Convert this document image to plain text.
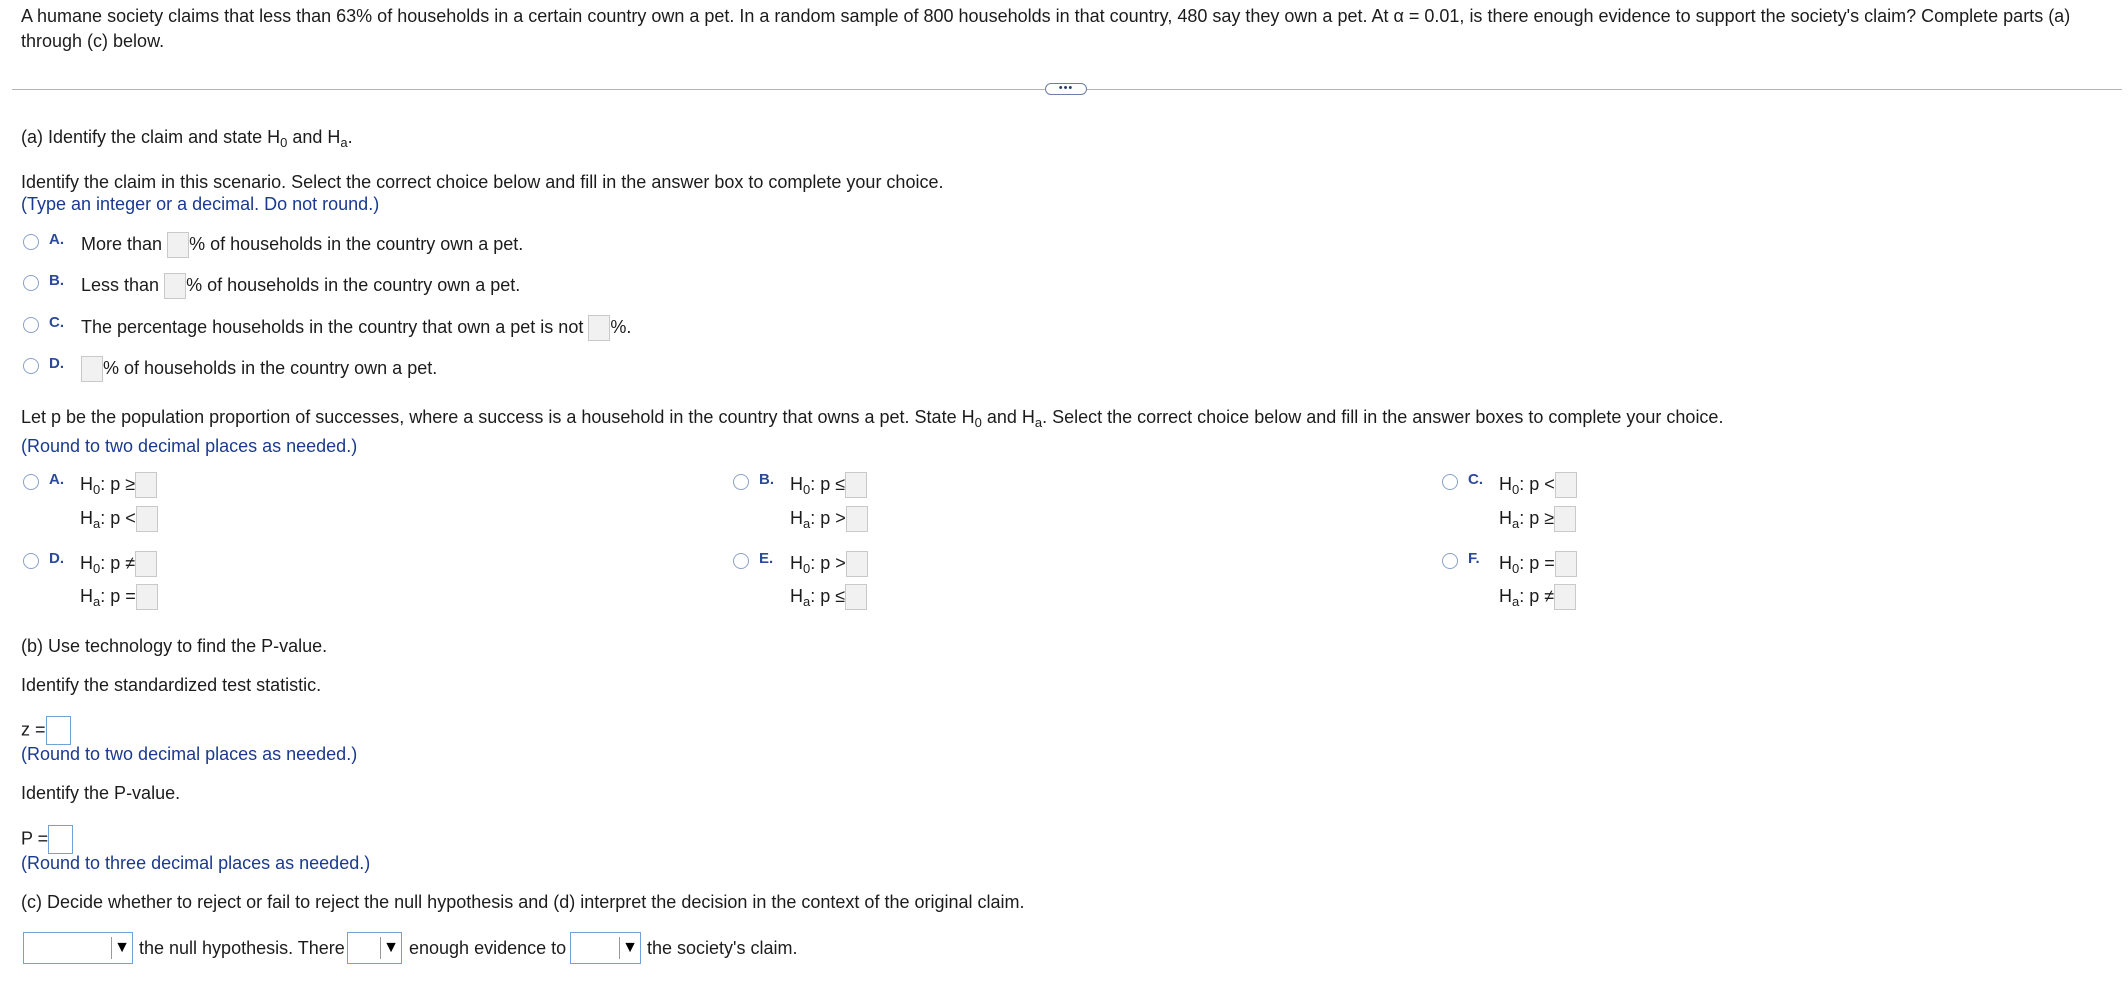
A humane society claims that less than 63% of households in a certain country own a pet. In a random sample of 800 households in that country, 480 say they own a pet. At α = 0.01, is there enough evidence to support the society's claim? Complete parts (a) through (c) below.
•••
(a) Identify the claim and state $H_0$ and $H_a$.
Identify the claim in this scenario. Select the correct choice below and fill in the answer box to complete your choice.
(Type an integer or a decimal. Do not round.)
A. More than % of households in the country own a pet.
B. Less than % of households in the country own a pet.
C. The percentage households in the country that own a pet is not %.
D.	% of households in the country own a pet.
Let p be the population proportion of successes, where a success is a household in the country that owns a pet. State $H_0$ and $H_a$. Select the correct choice below and fill in the answer boxes to complete your choice.
(Round to two decimal places as needed.)
A. $H_0$: p ≥
$H_a$: p <
B. $H_0$: p ≤
$H_a$: p >
C. $H_0$: p <
$H_a$: p ≥
D. $H_0$: p ≠
$H_a$: p =
E. $H_0$: p >
$H_a$: p ≤
F. $H_0$: p =
$H_a$: p ≠
(b) Use technology to find the P-value.
Identify the standardized test statistic.
z =
(Round to two decimal places as needed.)
Identify the P-value.
P =
(Round to three decimal places as needed.)
(c) Decide whether to reject or fail to reject the null hypothesis and (d) interpret the decision in the context of the original claim.
▼ the null hypothesis. There ▼ enough evidence to	▼ the society's claim.
